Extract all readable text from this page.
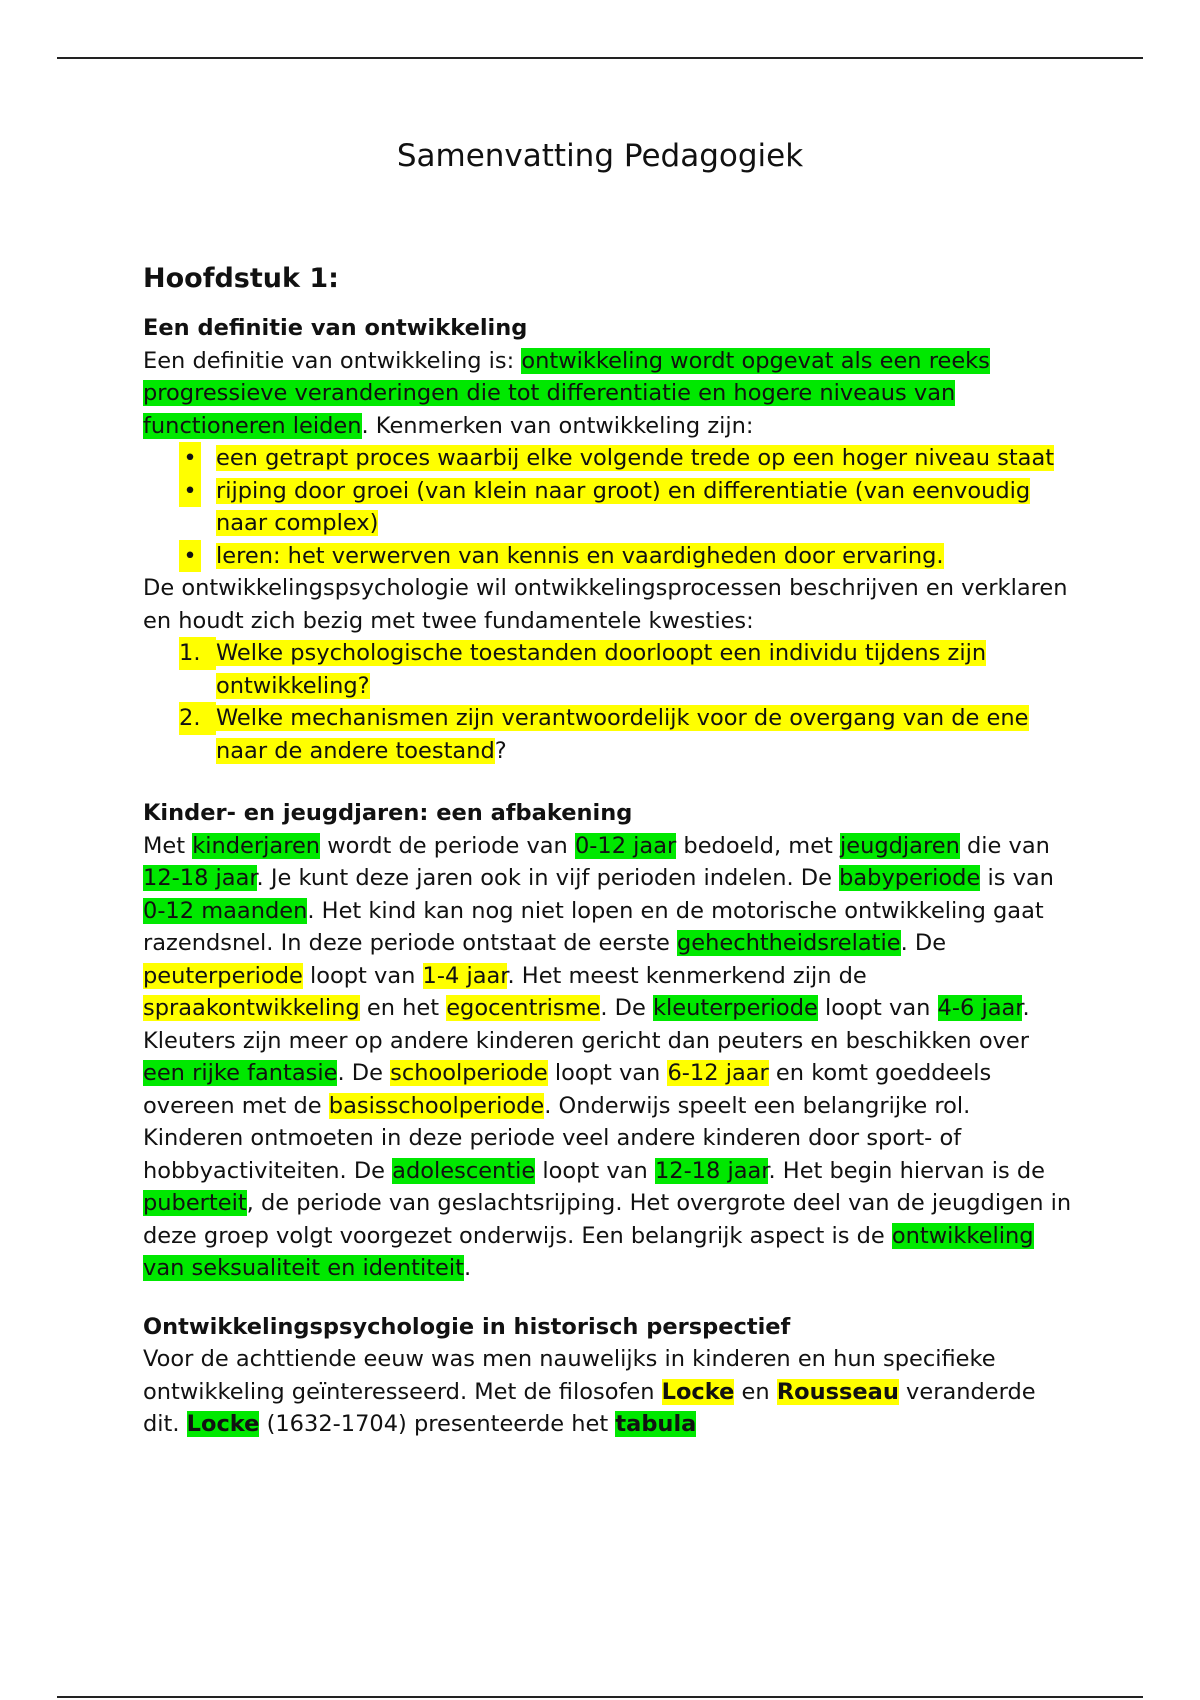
Samenvatting Pedagogiek
Hoofdstuk 1:
Een definitie van ontwikkeling

Een definitie van ontwikkeling is: ontwikkeling wordt opgevat als een reeks progressieve veranderingen die tot differentiatie en hogere niveaus van functioneren leiden. Kenmerken van ontwikkeling zijn:

• een getrapt proces waarbij elke volgende trede op een hoger niveau staat
• rijping door groei (van klein naar groot) en differentiatie (van eenvoudig naar complex)
• leren: het verwerven van kennis en vaardigheden door ervaring.

De ontwikkelingspsychologie wil ontwikkelingsprocessen beschrijven en verklaren en houdt zich bezig met twee fundamentele kwesties:

1. Welke psychologische toestanden doorloopt een individu tijdens zijn ontwikkeling?
2. Welke mechanismen zijn verantwoordelijk voor de overgang van de ene naar de andere toestand?
Kinder- en jeugdjaren: een afbakening

Met kinderjaren wordt de periode van 0-12 jaar bedoeld, met jeugdjaren die van 12-18 jaar. Je kunt deze jaren ook in vijf perioden indelen. De babyperiode is van 0-12 maanden. Het kind kan nog niet lopen en de motorische ontwikkeling gaat razendsnel. In deze periode ontstaat de eerste gehechtheidsrelatie. De peuterperiode loopt van 1-4 jaar. Het meest kenmerkend zijn de spraakontwikkeling en het egocentrisme. De kleuterperiode loopt van 4-6 jaar. Kleuters zijn meer op andere kinderen gericht dan peuters en beschikken over een rijke fantasie. De schoolperiode loopt van 6-12 jaar en komt goeddeels overeen met de basisschoolperiode. Onderwijs speelt een belangrijke rol. Kinderen ontmoeten in deze periode veel andere kinderen door sport- of hobbyactiviteiten. De adolescentie loopt van 12-18 jaar. Het begin hiervan is de puberteit, de periode van geslachtsrijping. Het overgrote deel van de jeugdigen in deze groep volgt voorgezet onderwijs. Een belangrijk aspect is de ontwikkeling van seksualiteit en identiteit.

Ontwikkelingspsychologie in historisch perspectief

Voor de achttiende eeuw was men nauwelijks in kinderen en hun specifieke ontwikkeling geïnteresseerd. Met de filosofen Locke en Rousseau veranderde dit. Locke (1632-1704) presenteerde het tabula
